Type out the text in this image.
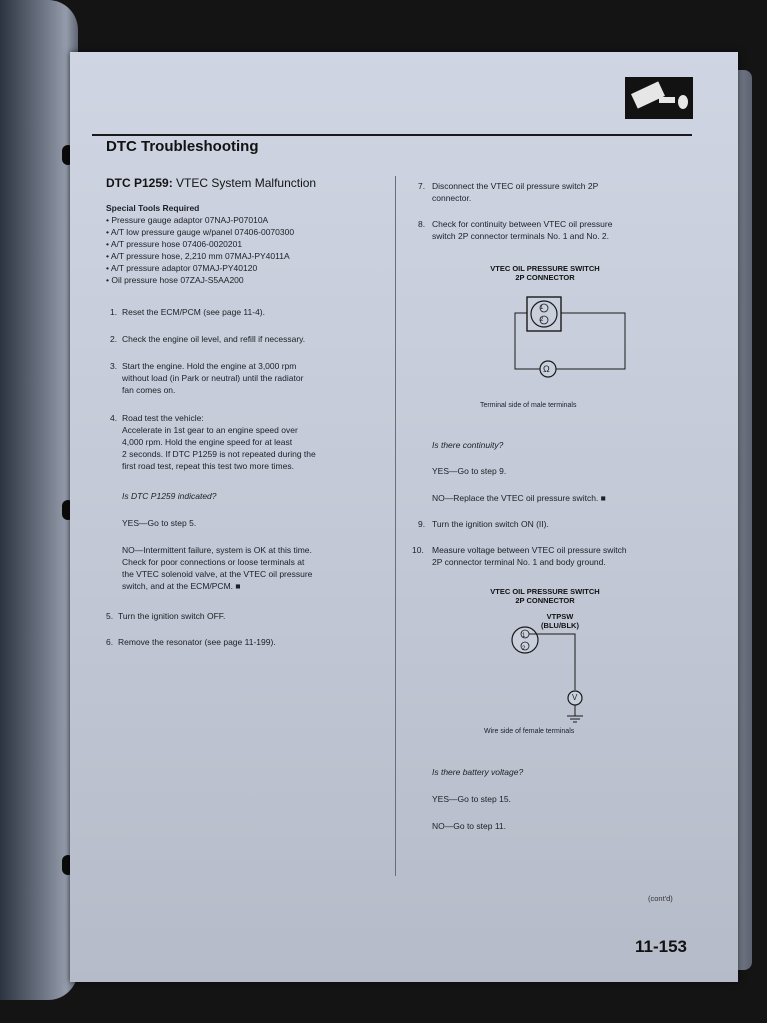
DTC Troubleshooting
DTC P1259: VTEC System Malfunction
Special Tools Required
• Pressure gauge adaptor 07NAJ-P07010A
• A/T low pressure gauge w/panel 07406-0070300
• A/T pressure hose 07406-0020201
• A/T pressure hose, 2,210 mm 07MAJ-PY4011A
• A/T pressure adaptor 07MAJ-PY40120
• Oil pressure hose 07ZAJ-S5AA200
1. Reset the ECM/PCM (see page 11-4).
2. Check the engine oil level, and refill if necessary.
3. Start the engine. Hold the engine at 3,000 rpm
without load (in Park or neutral) until the radiator
fan comes on.
4. Road test the vehicle:
Accelerate in 1st gear to an engine speed over
4,000 rpm. Hold the engine speed for at least
2 seconds. If DTC P1259 is not repeated during the
first road test, repeat this test two more times.
Is DTC P1259 indicated?
YES—Go to step 5.
NO—Intermittent failure, system is OK at this time.
Check for poor connections or loose terminals at
the VTEC solenoid valve, at the VTEC oil pressure
switch, and at the ECM/PCM. ■
5. Turn the ignition switch OFF.
6. Remove the resonator (see page 11-199).
7. Disconnect the VTEC oil pressure switch 2P
connector.
8. Check for continuity between VTEC oil pressure
switch 2P connector terminals No. 1 and No. 2.
VTEC OIL PRESSURE SWITCH
2P CONNECTOR
1
2
Ω
Terminal side of male terminals
Is there continuity?
YES—Go to step 9.
NO—Replace the VTEC oil pressure switch. ■
9. Turn the ignition switch ON (II).
10. Measure voltage between VTEC oil pressure switch
2P connector terminal No. 1 and body ground.
VTEC OIL PRESSURE SWITCH
2P CONNECTOR
VTPSW
(BLU/BLK)
1
2
V
Wire side of female terminals
Is there battery voltage?
YES—Go to step 15.
NO—Go to step 11.
(cont'd)
11-153
